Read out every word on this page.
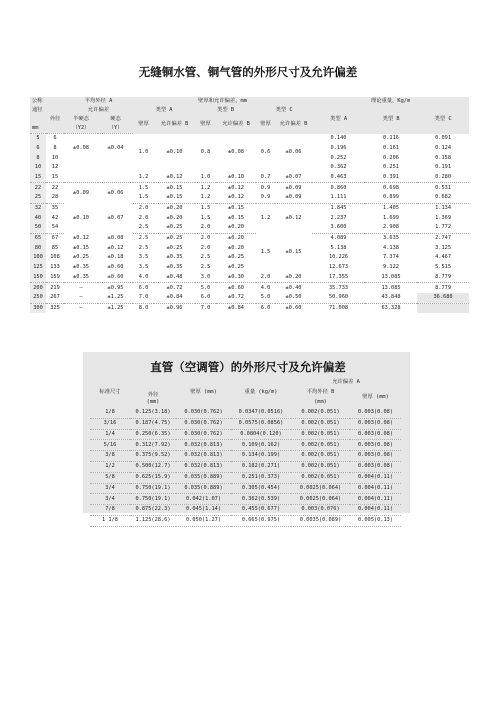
无缝铜水管、铜气管的外形尺寸及允许偏差
公称		平均外径 A		壁厚和允许偏差，mm						理论重量，Kg/m		
通径		允许偏差		类型 A		类型 B		类型 C		类型 A	类型 B	类型 C
	外径	半硬态	硬态	壁厚	允许偏差 B	壁厚	允许偏差 B	壁厚	允许偏差 B			
mm		（Y2）	（Y）									
5	6	±0.08	±0.04	1.0	±0.10	0.8	±0.08	0.6	±0.06	0.140	0.116	0.091
6	8									0.196	0.161	0.124
8	10									0.252	0.206	0.158
10	12									0.362	0.251	0.191
15	15			1.2	±0.12	1.0	±0.10	0.7	±0.07	0.463	0.391	0.280
22	22	±0.09	±0.06	1.5	±0.15	1.2	±0.12	0.9	±0.09	0.860	0.698	0.531
25	28			1.5	±0.15	1.2	±0.12	0.9	±0.09	1.111	0.899	0.682
32	35	±0.10	±0.07	2.0	±0.20	1.5	±0.15	1.2	±0.12	1.845	1.405	1.134
40	42			2.0	±0.20	1.5	±0.15			2.237	1.699	1.369
50	54			2.5	±0.25	2.0	±0.20			3.600	2.908	1.772
65	67	±0.12	±0.08	2.5	±0.25	2.0	±0.20	1.5	±0.15	4.089	3.635	2.747
80	85	±0.15	±0.12	2.5	±0.25	2.0	±0.20			5.138	4.138	3.125
100	108	±0.25	±0.18	3.5	±0.35	2.5	±0.25			10.226	7.374	4.467
125	133	±0.35	±0.60	3.5	±0.35	2.5	±0.25			12.673	9.122	5.515
150	159	±0.35	±0.60	4.0	±0.48	3.0	±0.30	2.0	±0.20	17.355	13.085	8.779
200	219	—	±0.95	6.0	±0.72	5.0	±0.60	4.0	±0.40	35.733	13.085	8.779
250	267	—	±1.25	7.0	±0.84	6.0	±0.72	5.0	±0.50	50.960	43.848	36.680
300	325	—	±1.25	8.0	±0.96	7.0	±0.84	6.0	±0.60	71.008	63.328	
直管（空调管）的外形尺寸及允许偏差
标准尺寸	外径	壁厚 (mm)	重量 (kg/m)	允许偏差 A	
				平均外径 B	壁厚 (mm)
	(mm)			(mm)	
1/8	0.125(3.18)	0.030(0.762)	0.0347(0.0516)	0.002(0.051)	0.003(0.08)
3/16	0.187(4.75)	0.030(0.762)	0.0575(0.0856)	0.002(0.051)	0.003(0.08)
1/4	0.250(6.35)	0.030(0.762)	0.0804(0.120)	0.002(0.051)	0.003(0.08)
5/16	0.312(7.92)	0.032(0.813)	0.109(0.162)	0.002(0.051)	0.003(0.08)
3/8	0.375(9.52)	0.032(0.813)	0.134(0.199)	0.002(0.051)	0.003(0.08)
1/2	0.500(12.7)	0.032(0.813)	0.182(0.271)	0.002(0.051)	0.003(0.08)
5/8	0.625(15.9)	0.035(0.889)	0.251(0.373)	0.002(0.051)	0.004(0.11)
3/4	0.750(19.1)	0.035(0.889)	0.305(0.454)	0.0025(0.064)	0.004(0.11)
3/4	0.750(19.1)	0.042(1.07)	0.362(0.539)	0.0025(0.064)	0.004(0.11)
7/8	0.875(22.3)	0.045(1.14)	0.455(0.677)	0.003(0.076)	0.004(0.11)
1 1/8	1.125(28.6)	0.050(1.27)	0.665(0.975)	0.0035(0.089)	0.005(0.13)
